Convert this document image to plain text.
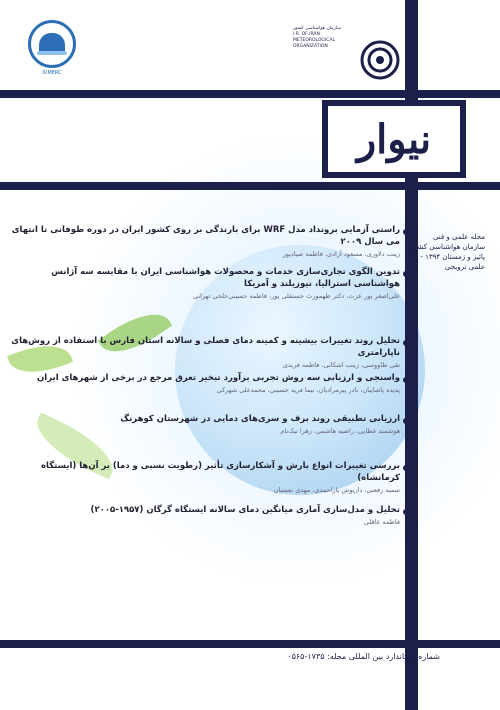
IUMERC
سازمان هواشناسی کشور
I.R. OF IRAN
METEOROLOGICAL
ORGANIZATION
نیوار
مجله علمی و فنی سازمان هواشناسی کشور
پائیز و زمستان ۱۳۹۴ - علمی ترویجی
راستی آزمایی برونداد مدل WRF برای بارندگی بر روی کشور ایران در دوره طوفانی تا انتهای می سال ۲۰۰۹
زینب دلاوری، مسعود آزادی، فاطمه صیادپور
تدوین الگوی تجاری‌سازی خدمات و محصولات هواشناسی ایران با مقایسه سه آژانس هواشناسی استرالیا، نیوزیلند و آمریکا
علی‌اصغر پور عزت، دکتر طهمورث حسنقلی پور، فاطمه حسینی‌خلخی تهرانی
تحلیل روند تغییرات بیشینه و کمینه دمای فصلی و سالانه استان فارس با استفاده از روش‌های ناپارامتری
تقی طاووسی، زینب اشکانی، فاطمه فریدی
واسنجی و ارزیابی سه روش تجربی برآورد تبخیر تعرق مرجع در برخی از شهرهای ایران
پدیده پاشاییان، نادر پیرمرادیان، نیما فرید حسینی، محمدعلی شهرکی
ارزیابی تطبیقی روند برف و سری‌های دمایی در شهرستان کوهرنگ
هوشمند عطایی، راضیه هاشمی، زهرا نیک‌نام
بررسی تغییرات انواع بارش و آشکارسازی تأثیر (رطوبت نسبی و دما) بر آن‌ها (ایستگاه کرمانشاه)
سمیه رفعتی، داریوش یاراحمدی، مهدی نعمتیان
تحلیل و مدل‌سازی آماری میانگین دمای سالانه ایستگاه گرگان (۱۹۵۷-۲۰۰۵)
فاطمه عاقلی
شماره استاندارد بین المللی مجله: ۱۷۳۵-۰۵۶۵
